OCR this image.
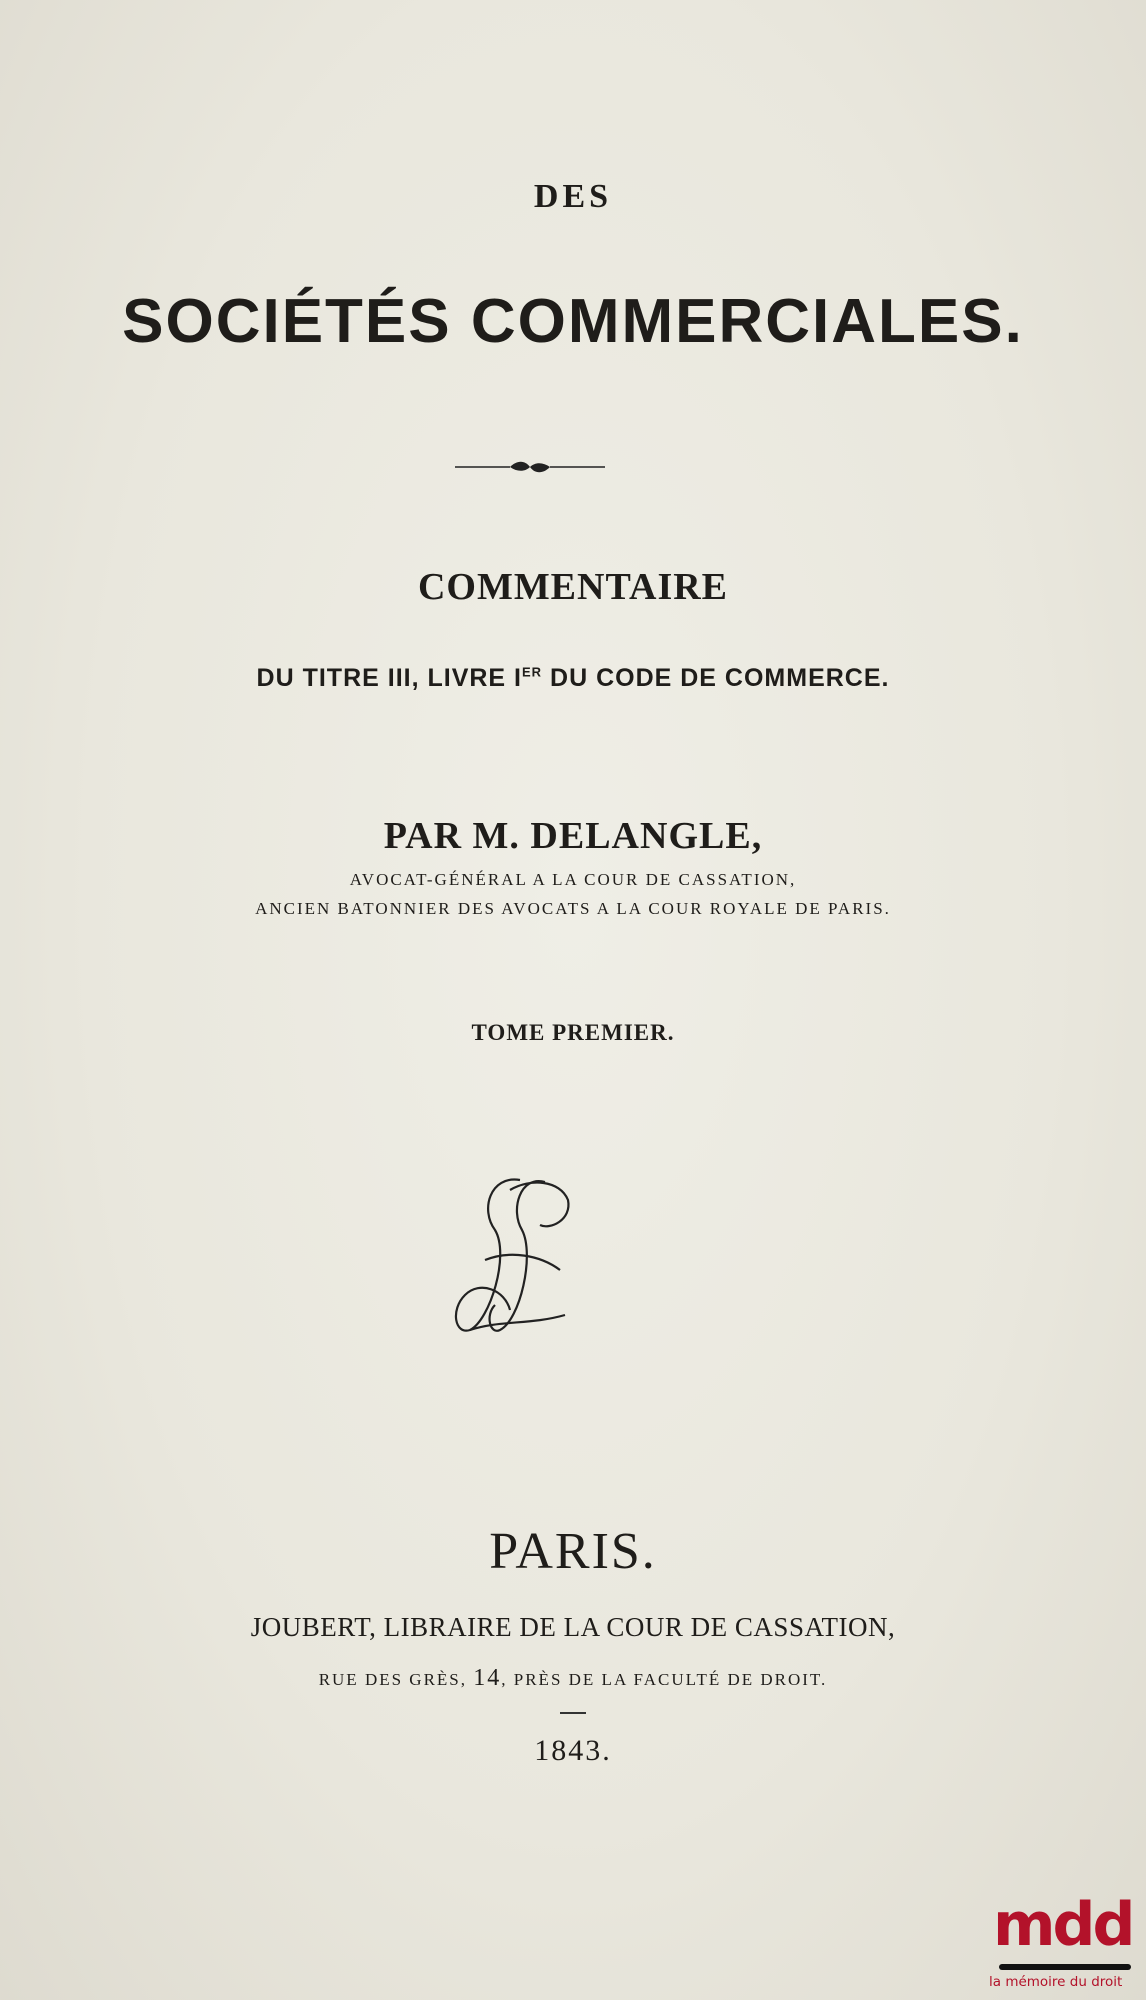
DES
SOCIÉTÉS COMMERCIALES.
COMMENTAIRE
DU TITRE III, LIVRE IER DU CODE DE COMMERCE.
PAR M. DELANGLE,
AVOCAT-GÉNÉRAL A LA COUR DE CASSATION,
ANCIEN BATONNIER DES AVOCATS A LA COUR ROYALE DE PARIS.
TOME PREMIER.
PARIS.
JOUBERT, LIBRAIRE DE LA COUR DE CASSATION,
RUE DES GRÈS, 14, PRÈS DE LA FACULTÉ DE DROIT.
1843.
mdd
la mémoire du droit
